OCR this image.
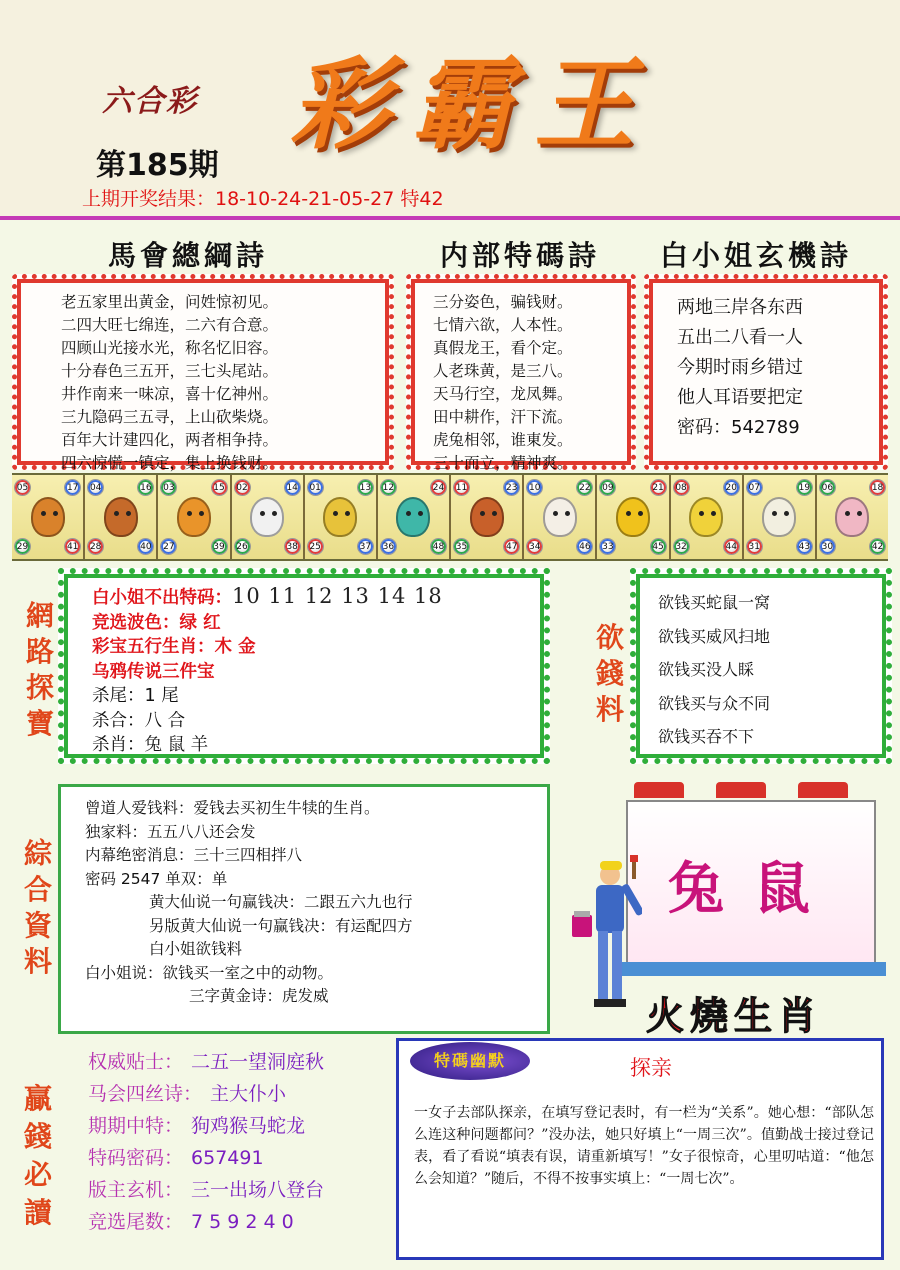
六合彩 彩霸王
第185期
上期开奖结果：18-10-24-21-05-27 特42
馬會總綱詩	内部特碼詩 白小姐玄機詩
老五家里出黄金，问姓惊初见。
二四大旺七绵连，二六有合意。
四顾山光接水光，称名忆旧容。
十分春色三五开，三七头尾站。
井作南来一味凉，喜十亿神州。
三九隐码三五寻，上山砍柴烧。
百年大计建四化，两者相争持。
四六惊慌一镇定，集上换钱财。
三分姿色，骗钱财。
七情六欲，人本性。
真假龙王，看个定。
人老珠黄，是三八。
天马行空，龙凤舞。
田中耕作，汗下流。
虎兔相邻，谁東发。
三十而立，精神爽。
两地三岸各东西
五出二八看一人
今期时雨乡错过
他人耳语要把定
密码：542789
05	17
29	41
04	16
28	40
03	15
27	39
02	14
26	38
01	13
25	37
12	24
36	48
11	23
35	47
10	22
34	46
09	21
33	45
08	20
32	44
07	19
31	43
06	18
30	42
網
路
探
寶
白小姐不出特码：10 11 12 13 14 18
竞选波色：绿 红
彩宝五行生肖：木 金
乌鸦传说三件宝
杀尾：1 尾
杀合：八 合
杀肖：兔 鼠 羊
欲
錢
料
欲钱买蛇鼠一窝
欲钱买威风扫地
欲钱买没人睬
欲钱买与众不同
欲钱买吞不下
綜
合
資
料
曾道人爱钱料：爱钱去买初生牛犊的生肖。
独家料：五五八八还会发
内幕绝密消息：三十三四相拌八
密码 2547 单双：单
黄大仙说一句赢钱决：二跟五六九也行
另版黄大仙说一句赢钱决：有运配四方
白小姐欲钱料
白小姐说：欲钱买一室之中的动物。
三字黄金诗：虎发威
兔鼠
火燒生肖
贏
錢
必
讀
权威贴士： 二五一望洞庭秋
马会四丝诗： 主大仆小
期期中特： 狗鸡猴马蛇龙
特码密码： 657491
版主玄机： 三一出场八登台
竞选尾数： 7 5 9 2 4 0
特碼幽默	探亲
一女子去部队探亲，在填写登记表时，有一栏为“关系”。她心想：“部队怎么连这种问题都问？”没办法，她只好填上“一周三次”。值勤战士接过登记表，看了看说“填表有误，请重新填写！”女子很惊奇，心里叨咕道：“他怎么会知道？”随后，不得不按事实填上：“一周七次”。
